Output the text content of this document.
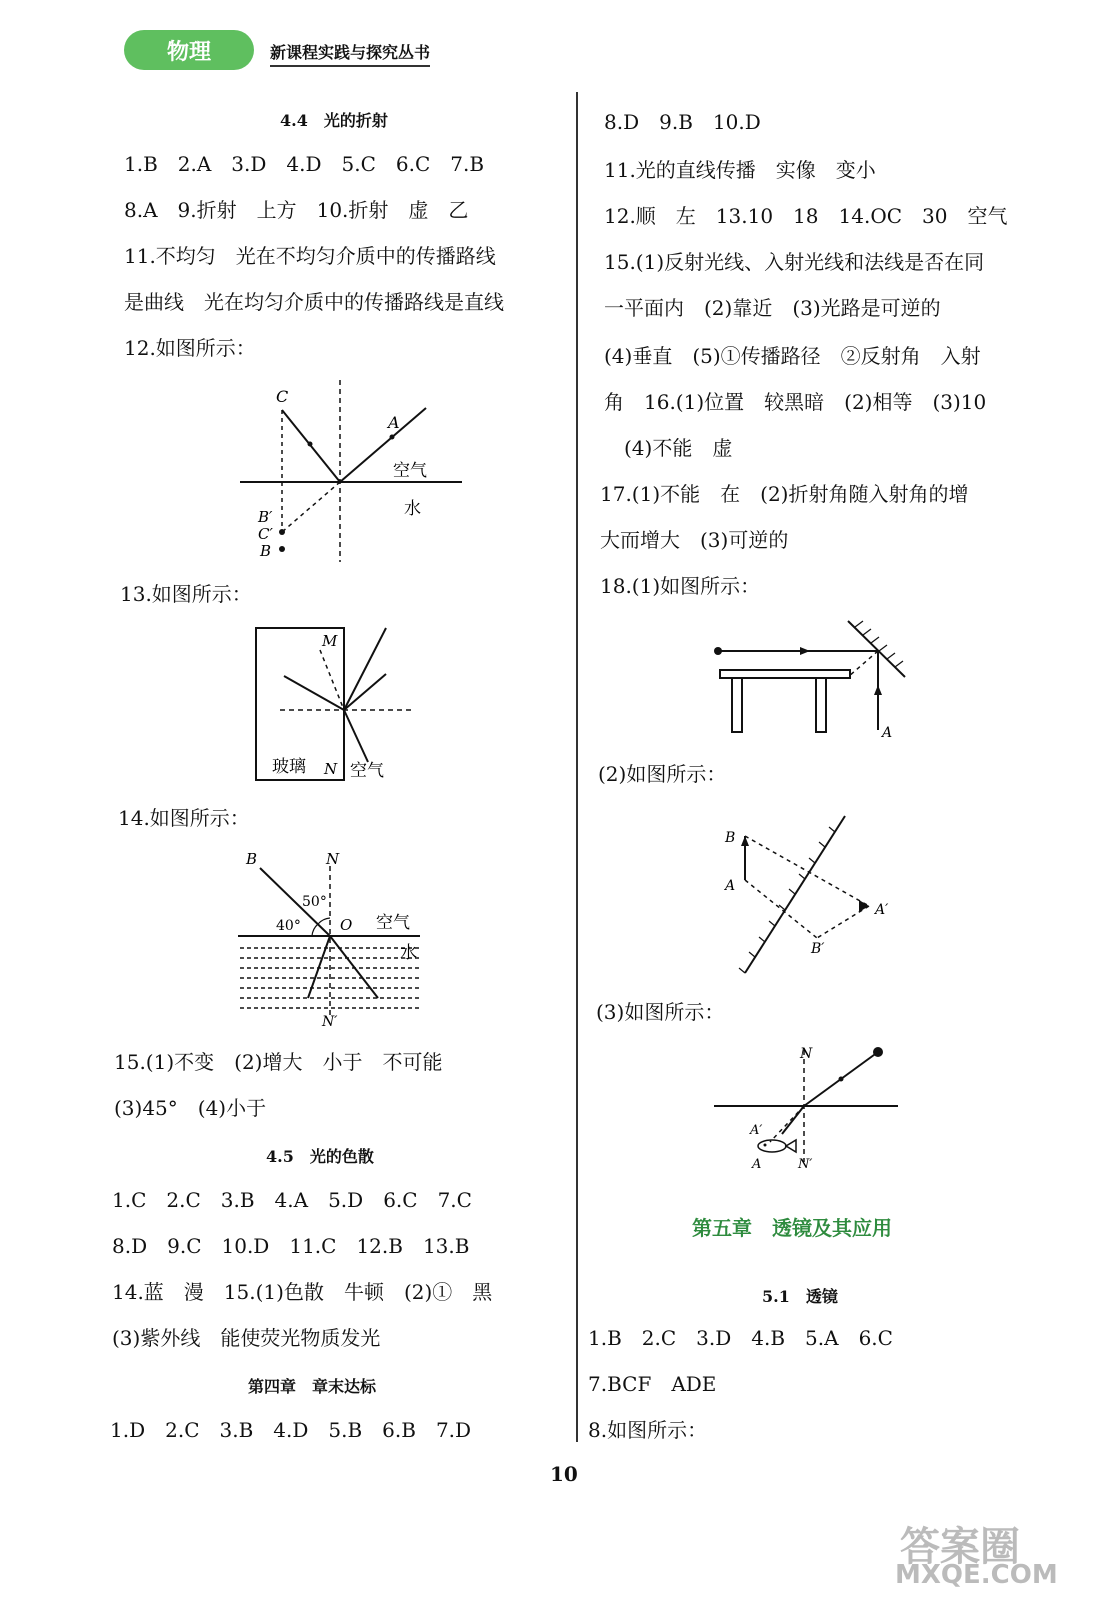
物理	新课程实践与探究丛书
4.4　光的折射
1.B　2.A　3.D　4.D　5.C　6.C　7.B
8.A　9.折射　上方　10.折射　虚　乙
11.不均匀　光在不均匀介质中的传播路线
是曲线　光在均匀介质中的传播路线是直线
12.如图所示：
C
A
空气
水
B′
C′
B
13.如图所示：
M
N
玻璃	空气
14.如图所示：
B	N
50°
40°	O 空气
水
N′
15.(1)不变　(2)增大　小于　不可能
(3)45°　(4)小于
4.5　光的色散
1.C　2.C　3.B　4.A　5.D　6.C　7.C
8.D　9.C　10.D　11.C　12.B　13.B
14.蓝　漫　15.(1)色散　牛顿　(2)①　黑
(3)紫外线　能使荧光物质发光
第四章　章末达标
1.D　2.C　3.B　4.D　5.B　6.B　7.D
8.D　9.B　10.D
11.光的直线传播　实像　变小
12.顺　左　13.10　18　14.OC　30　空气
15.(1)反射光线、入射光线和法线是否在同
一平面内　(2)靠近　(3)光路是可逆的
(4)垂直　(5)①传播路径　②反射角　入射
角　16.(1)位置　较黑暗　(2)相等　(3)10
(4)不能　虚
17.(1)不能　在　(2)折射角随入射角的增
大而增大　(3)可逆的
18.(1)如图所示：
A
(2)如图所示：
B
A
A′
B′
(3)如图所示：
N
A′
A	N′
第五章　透镜及其应用
5.1　透镜
1.B　2.C　3.D　4.B　5.A　6.C
7.BCF　ADE
8.如图所示：
10
答案圈
MXQE.COM
